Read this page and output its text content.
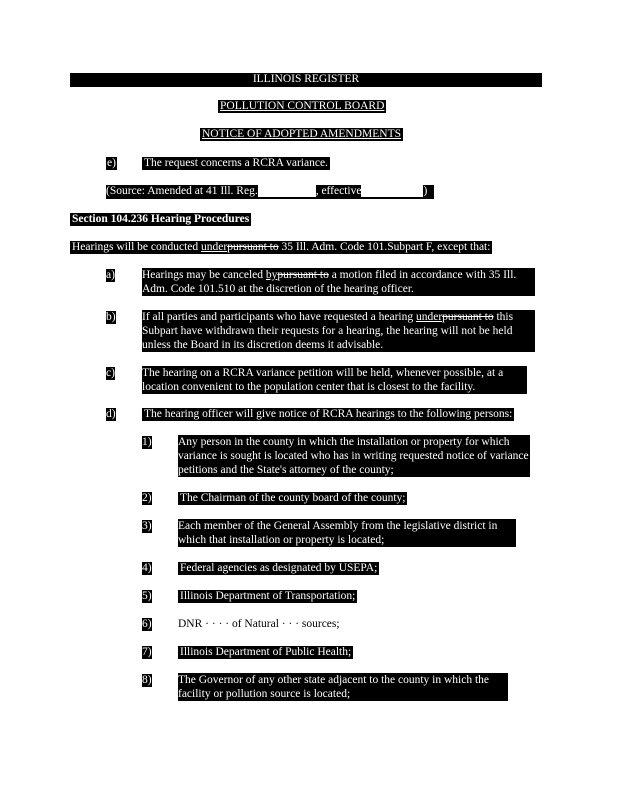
ILLINOIS REGISTER
POLLUTION CONTROL BOARD
NOTICE OF ADOPTED AMENDMENTS
e) The request concerns a RCRA variance.
(Source: Amended at 41 Ill. Reg.	, effective	)
Section 104.236 Hearing Procedures
Hearings will be conducted underpursuant to 35 Ill. Adm. Code 101.Subpart F, except that:
a) Hearings may be canceled bypursuant to a motion filed in accordance with 35 Ill. Adm. Code 101.510 at the discretion of the hearing officer.
b) If all parties and participants who have requested a hearing underpursuant to this Subpart have withdrawn their requests for a hearing, the hearing will not be held unless the Board in its discretion deems it advisable.
c) The hearing on a RCRA variance petition will be held, whenever possible, at a location convenient to the population center that is closest to the facility.
d) The hearing officer will give notice of RCRA hearings to the following persons:
1) Any person in the county in which the installation or property for which variance is sought is located who has in writing requested notice of variance petitions and the State's attorney of the county;
2) The Chairman of the county board of the county;
3) Each member of the General Assembly from the legislative district in which that installation or property is located;
4) Federal agencies as designated by USEPA;
5) Illinois Department of Transportation;
6) DNR · · · · of Natural · · · sources;
7) Illinois Department of Public Health;
8) The Governor of any other state adjacent to the county in which the facility or pollution source is located;
